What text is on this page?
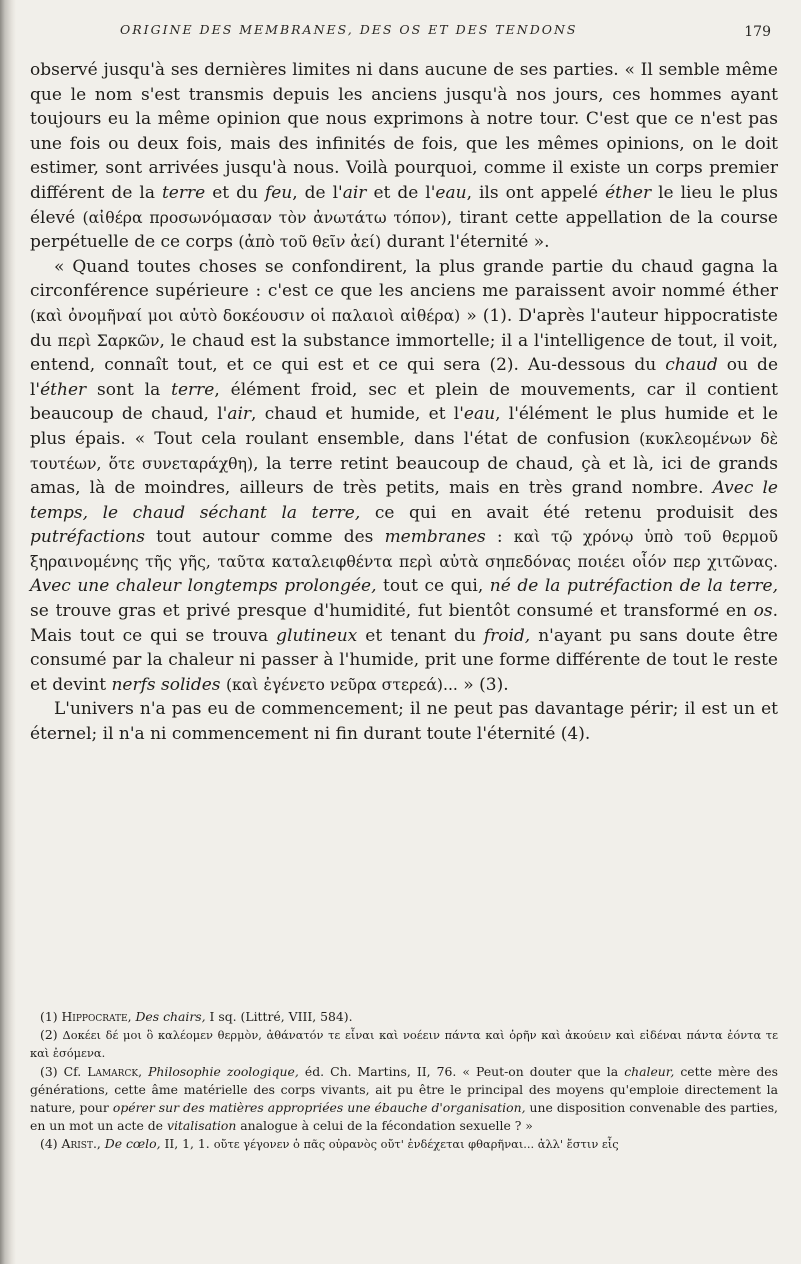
ORIGINE DES MEMBRANES, DES OS ET DES TENDONS	179

observé jusqu'à ses dernières limites ni dans aucune de ses parties. « Il semble même que le nom s'est transmis depuis les anciens jusqu'à nos jours, ces hommes ayant toujours eu la même opinion que nous exprimons à notre tour. C'est que ce n'est pas une fois ou deux fois, mais des infinités de fois, que les mêmes opinions, on le doit estimer, sont arrivées jusqu'à nous. Voilà pourquoi, comme il existe un corps premier différent de la terre et du feu, de l'air et de l'eau, ils ont appelé éther le lieu le plus élevé (αἰθέρα προσωνόμασαν τὸν ἀνωτάτω τόπον), tirant cette appellation de la course perpétuelle de ce corps (ἀπὸ τοῦ θεῖν ἀεί) durant l'éternité ».

« Quand toutes choses se confondirent, la plus grande partie du chaud gagna la circonférence supérieure : c'est ce que les anciens me paraissent avoir nommé éther (καὶ ὀνομῆναί μοι αὐτὸ δοκέουσιν οἱ παλαιοὶ αἰθέρα) » (1). D'après l'auteur hippocratiste du περὶ Σαρκῶν, le chaud est la substance immortelle; il a l'intelligence de tout, il voit, entend, connaît tout, et ce qui est et ce qui sera (2). Au-dessous du chaud ou de l'éther sont la terre, élément froid, sec et plein de mouvements, car il contient beaucoup de chaud, l'air, chaud et humide, et l'eau, l'élément le plus humide et le plus épais. « Tout cela roulant ensemble, dans l'état de confusion (κυκλεομένων δὲ τουτέων, ὅτε συνεταράχθη), la terre retint beaucoup de chaud, çà et là, ici de grands amas, là de moindres, ailleurs de très petits, mais en très grand nombre. Avec le temps, le chaud séchant la terre, ce qui en avait été retenu produisit des putréfactions tout autour comme des membranes : καὶ τῷ χρόνῳ ὑπὸ τοῦ θερμοῦ ξηραινομένης τῆς γῆς, ταῦτα καταλειφθέντα περὶ αὐτὰ σηπεδόνας ποιέει οἷόν περ χιτῶνας. Avec une chaleur longtemps prolongée, tout ce qui, né de la putréfaction de la terre, se trouve gras et privé presque d'humidité, fut bientôt consumé et transformé en os. Mais tout ce qui se trouva glutineux et tenant du froid, n'ayant pu sans doute être consumé par la chaleur ni passer à l'humide, prit une forme différente de tout le reste et devint nerfs solides (καὶ ἐγένετο νεῦρα στερεά)... » (3).

L'univers n'a pas eu de commencement; il ne peut pas davantage périr; il est un et éternel; il n'a ni commencement ni fin durant toute l'éternité (4).

(1) Hippocrate, Des chairs, I sq. (Littré, VIII, 584).

(2) Δοκέει δέ μοι ὃ καλέομεν θερμὸν, ἀθάνατόν τε εἶναι καὶ νοέειν πάντα καὶ ὁρῆν καὶ ἀκούειν καὶ εἰδέναι πάντα ἐόντα τε καὶ ἐσόμενα.

(3) Cf. Lamarck, Philosophie zoologique, éd. Ch. Martins, II, 76. « Peut-on douter que la chaleur, cette mère des générations, cette âme matérielle des corps vivants, ait pu être le principal des moyens qu'emploie directement la nature, pour opérer sur des matières appropriées une ébauche d'organisation, une disposition convenable des parties, en un mot un acte de vitalisation analogue à celui de la fécondation sexuelle ? »

(4) Arist., De cœlo, II, 1, 1. οὔτε γέγονεν ὁ πᾶς οὐρανὸς οὔτ' ἐνδέχεται φθαρῆναι... ἀλλ' ἔστιν εἷς
